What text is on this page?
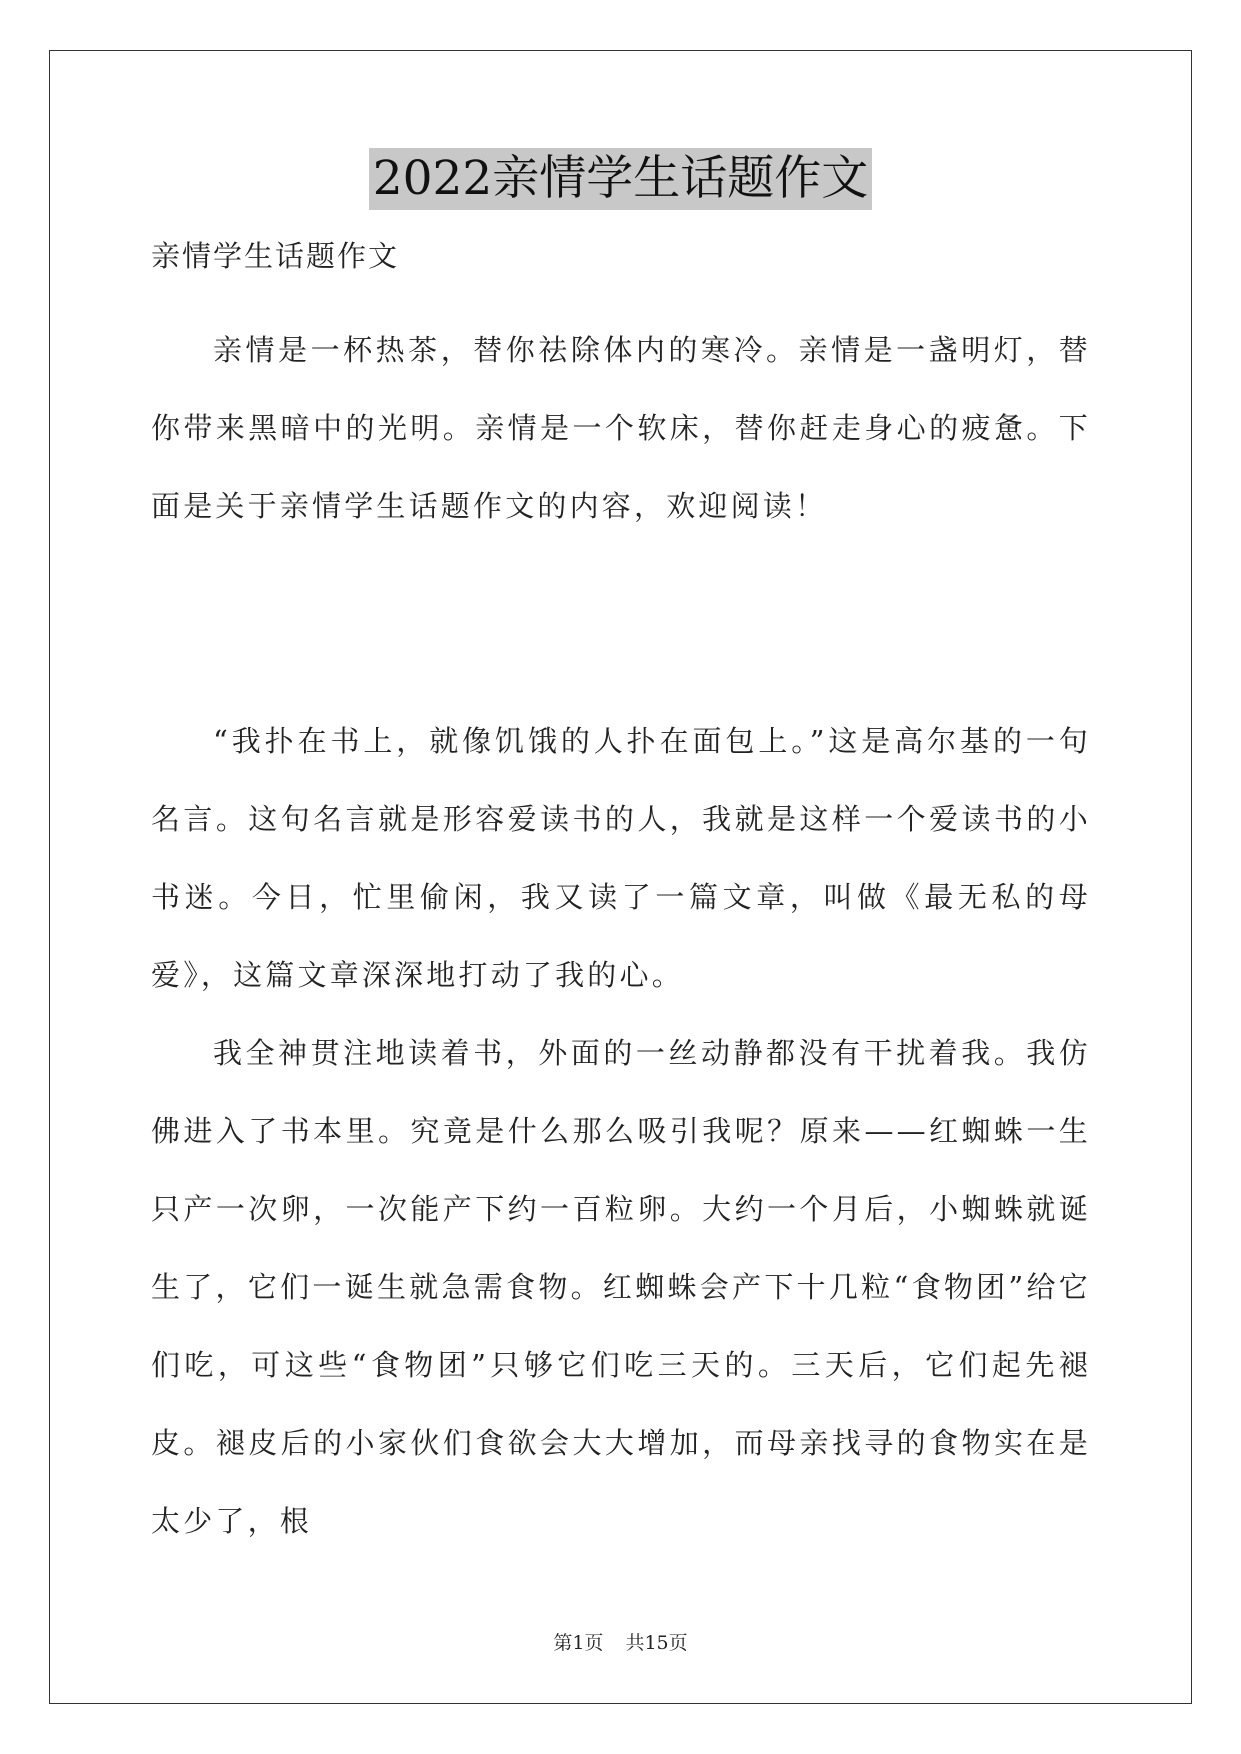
2022亲情学生话题作文

亲情学生话题作文

亲情是一杯热茶，替你祛除体内的寒冷。亲情是一盏明灯，替你带来黑暗中的光明。亲情是一个软床，替你赶走身心的疲惫。下面是关于亲情学生话题作文的内容，欢迎阅读！

“我扑在书上，就像饥饿的人扑在面包上。”这是高尔基的一句名言。这句名言就是形容爱读书的人，我就是这样一个爱读书的小书迷。今日，忙里偷闲，我又读了一篇文章，叫做《最无私的母爱》，这篇文章深深地打动了我的心。

我全神贯注地读着书，外面的一丝动静都没有干扰着我。我仿佛进入了书本里。究竟是什么那么吸引我呢？原来——红蜘蛛一生只产一次卵，一次能产下约一百粒卵。大约一个月后，小蜘蛛就诞生了，它们一诞生就急需食物。红蜘蛛会产下十几粒“食物团”给它们吃，可这些“食物团”只够它们吃三天的。三天后，它们起先褪皮。褪皮后的小家伙们食欲会大大增加，而母亲找寻的食物实在是太少了，根

第1页 共15页
